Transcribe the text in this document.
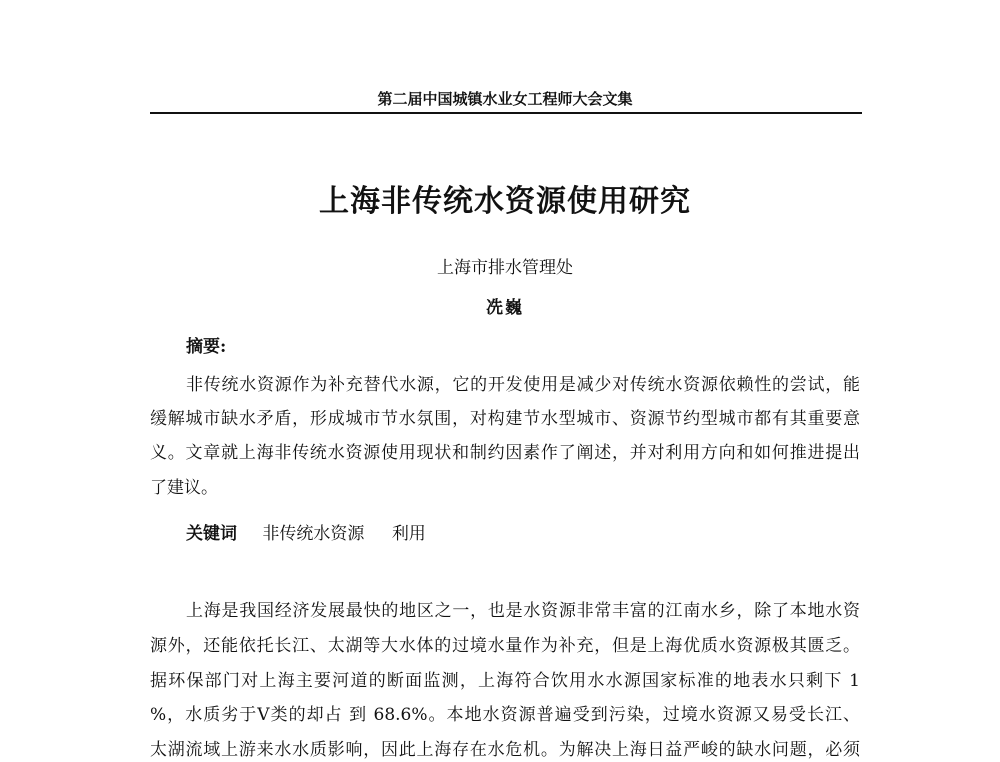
第二届中国城镇水业女工程师大会文集
上海非传统水资源使用研究
上海市排水管理处
冼巍
摘要:
非传统水资源作为补充替代水源，它的开发使用是减少对传统水资源依赖性的尝试，能
缓解城市缺水矛盾，形成城市节水氛围，对构建节水型城市、资源节约型城市都有其重要意
义。文章就上海非传统水资源使用现状和制约因素作了阐述，并对利用方向和如何推进提出
了建议。
关键词 非传统水资源 利用
上海是我国经济发展最快的地区之一，也是水资源非常丰富的江南水乡，除了本地水资
源外，还能依托长江、太湖等大水体的过境水量作为补充，但是上海优质水资源极其匮乏。
据环保部门对上海主要河道的断面监测，上海符合饮用水水源国家标准的地表水只剩下 1
%，水质劣于Ⅴ类的却占 到 68.6%。本地水资源普遍受到污染，过境水资源又易受长江、
太湖流域上游来水水质影响，因此上海存在水危机。为解决上海日益严峻的缺水问题，必须
